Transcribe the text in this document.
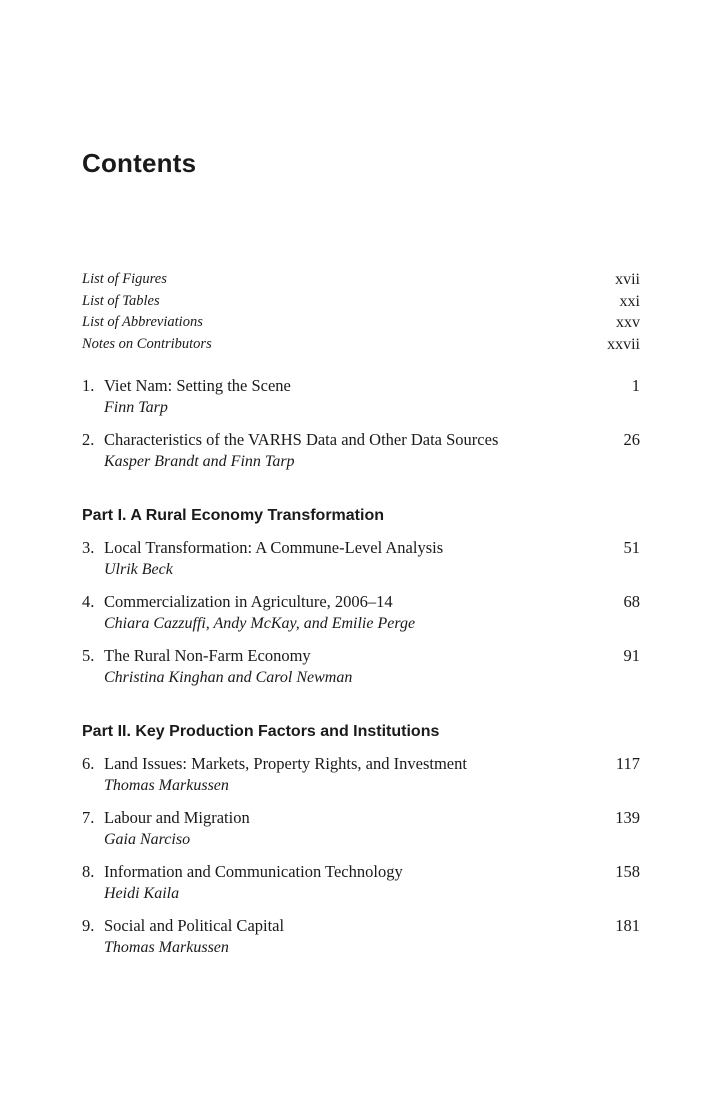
Contents
List of Figures	xvii
List of Tables	xxi
List of Abbreviations	xxv
Notes on Contributors	xxvii
1. Viet Nam: Setting the Scene	1
Finn Tarp
2. Characteristics of the VARHS Data and Other Data Sources	26
Kasper Brandt and Finn Tarp
Part I. A Rural Economy Transformation
3. Local Transformation: A Commune-Level Analysis	51
Ulrik Beck
4. Commercialization in Agriculture, 2006–14	68
Chiara Cazzuffi, Andy McKay, and Emilie Perge
5. The Rural Non-Farm Economy	91
Christina Kinghan and Carol Newman
Part II. Key Production Factors and Institutions
6. Land Issues: Markets, Property Rights, and Investment	117
Thomas Markussen
7. Labour and Migration	139
Gaia Narciso
8. Information and Communication Technology	158
Heidi Kaila
9. Social and Political Capital	181
Thomas Markussen
